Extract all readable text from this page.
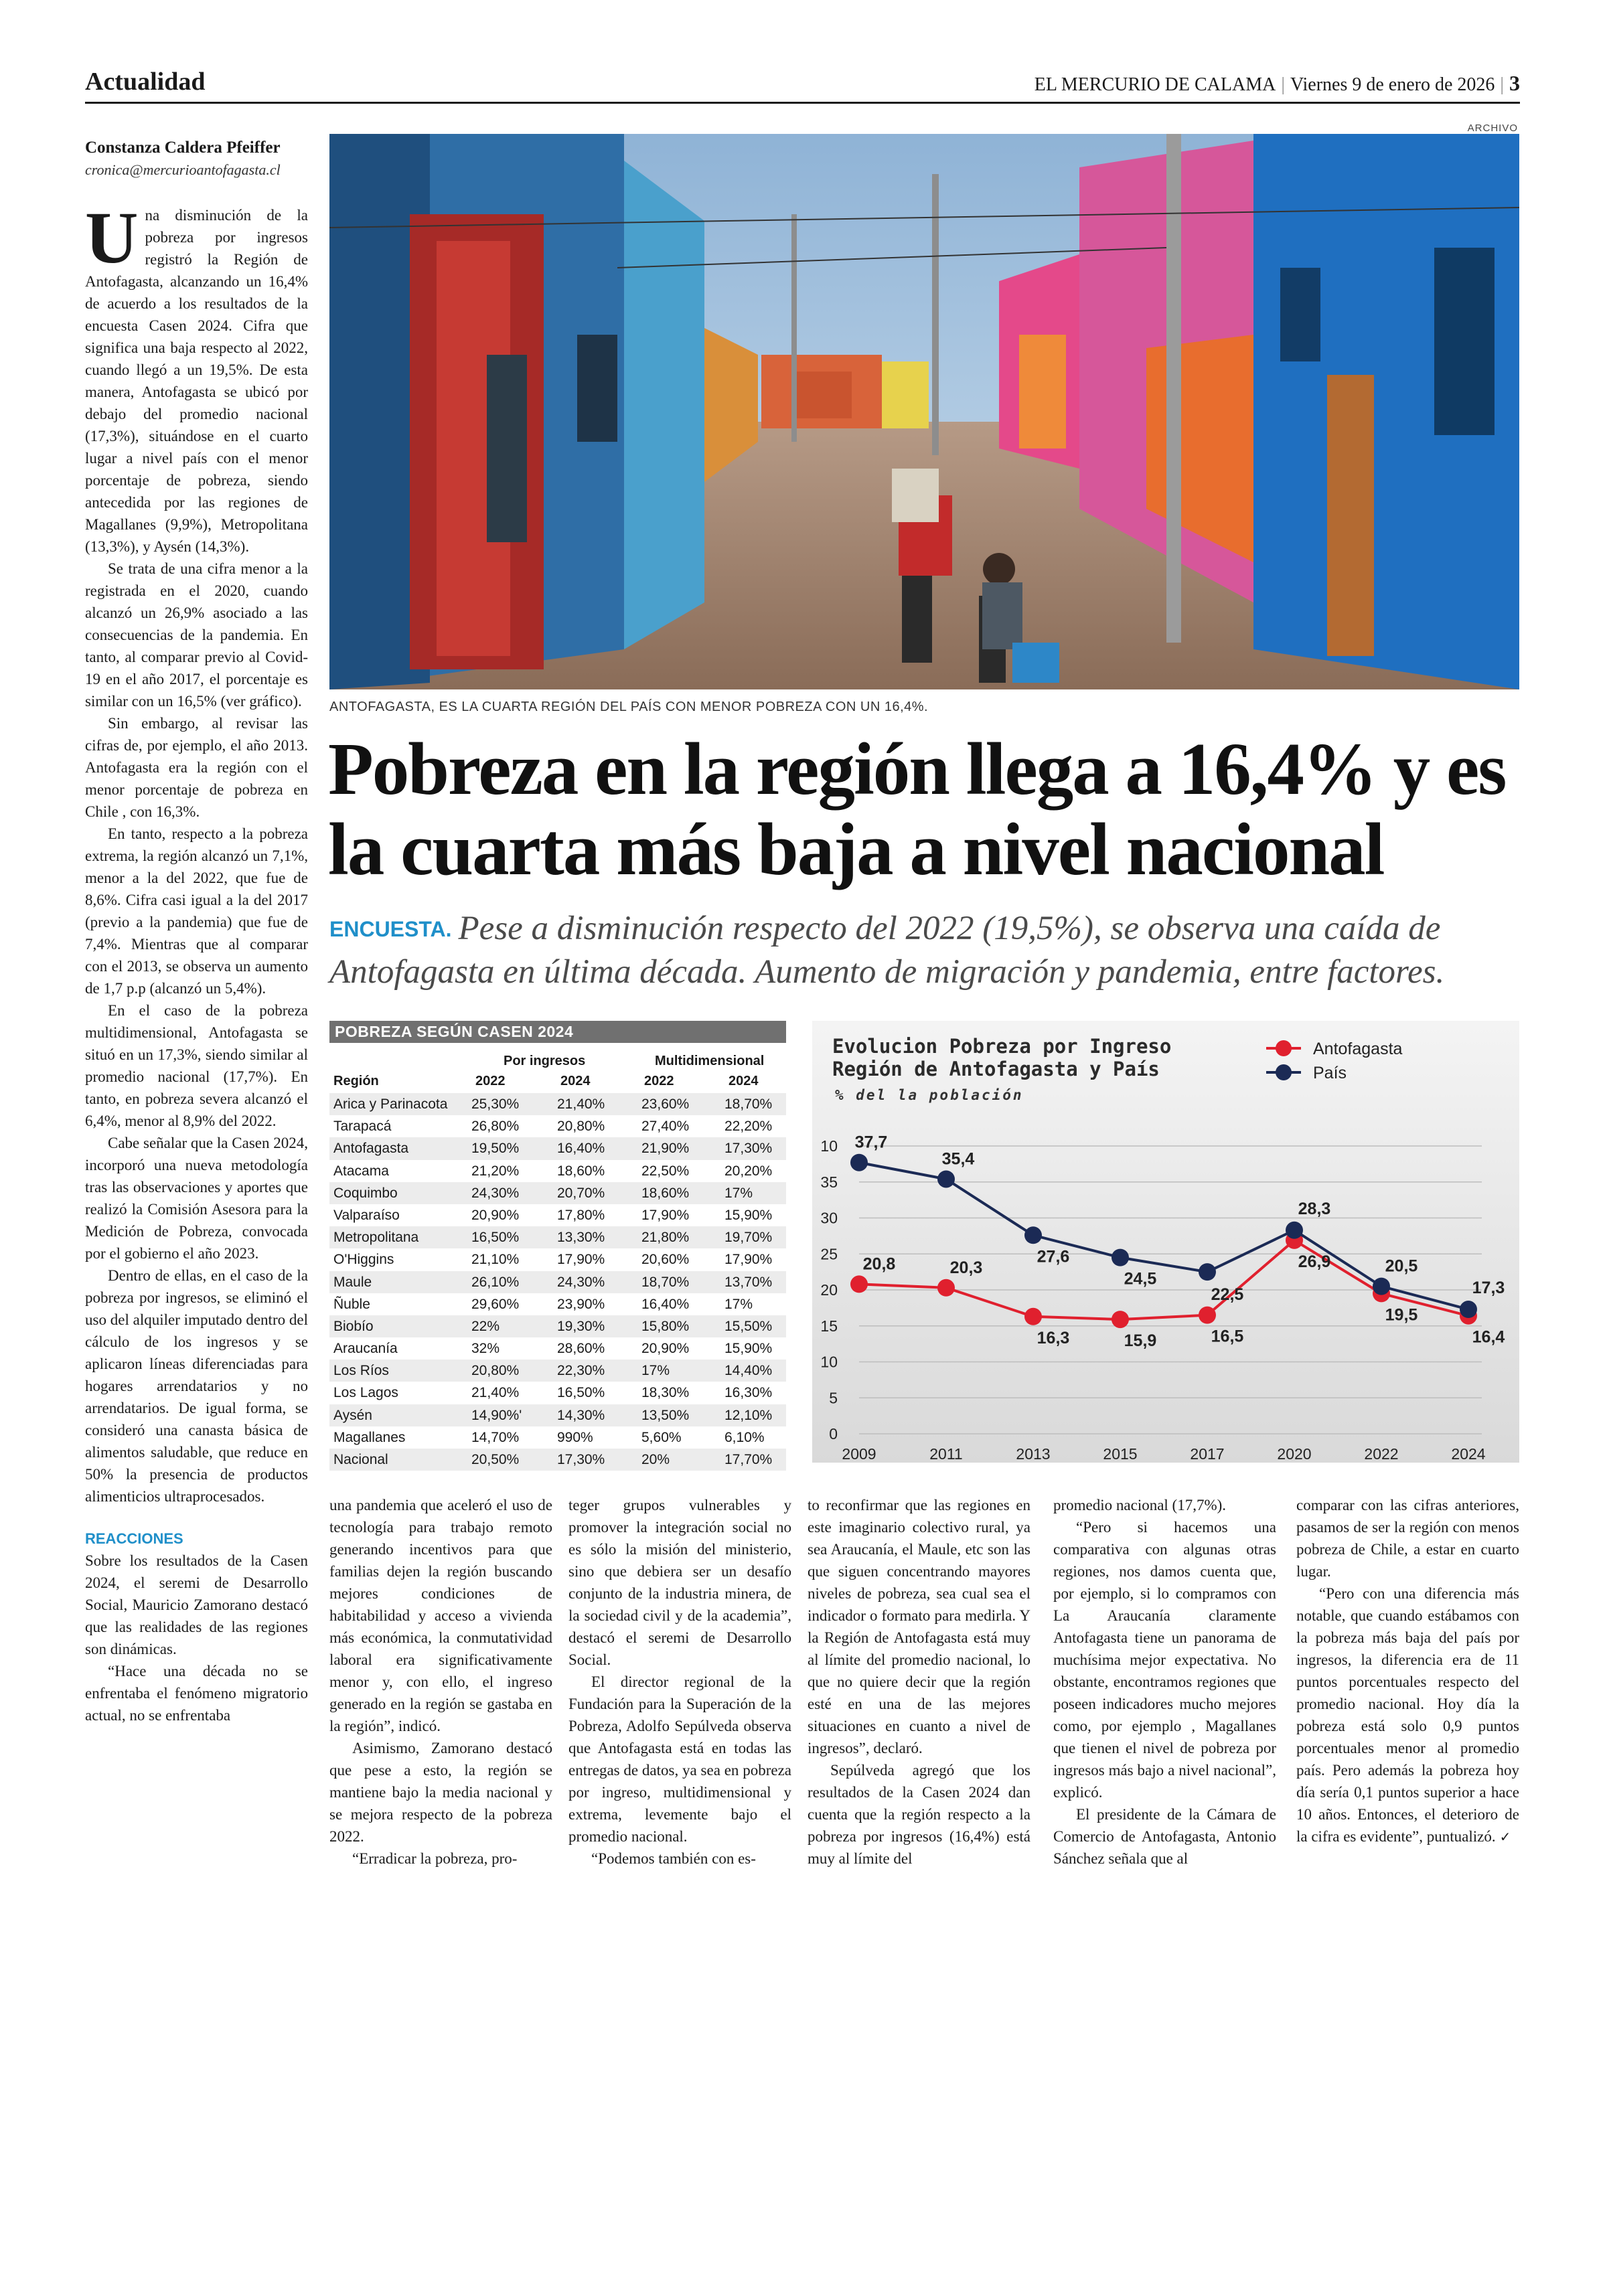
Actualidad	EL MERCURIO DE CALAMA | Viernes 9 de enero de 2026 | 3
ARCHIVO
ANTOFAGASTA, ES LA CUARTA REGIÓN DEL PAÍS CON MENOR POBREZA CON UN 16,4%.
Pobreza en la región llega a 16,4% y es la cuarta más baja a nivel nacional
ENCUESTA. Pese a disminución respecto del 2022 (19,5%), se observa una caída de Antofagasta en última década. Aumento de migración y pandemia, entre factores.
Constanza Caldera Pfeiffer
cronica@mercurioantofagasta.cl

Una disminución de la pobreza por ingresos registró la Región de Antofagasta, alcanzando un 16,4% de acuerdo a los resultados de la encuesta Casen 2024. Cifra que significa una baja respecto al 2022, cuando llegó a un 19,5%. De esta manera, Antofagasta se ubicó por debajo del promedio nacional (17,3%), situándose en el cuarto lugar a nivel país con el menor porcentaje de pobreza, siendo antecedida por las regiones de Magallanes (9,9%), Metropolitana (13,3%), y Aysén (14,3%).

Se trata de una cifra menor a la registrada en el 2020, cuando alcanzó un 26,9% asociado a las consecuencias de la pandemia. En tanto, al comparar previo al Covid-19 en el año 2017, el porcentaje es similar con un 16,5% (ver gráfico).

Sin embargo, al revisar las cifras de, por ejemplo, el año 2013. Antofagasta era la región con el menor porcentaje de pobreza en Chile , con 16,3%.

En tanto, respecto a la pobreza extrema, la región alcanzó un 7,1%, menor a la del 2022, que fue de 8,6%. Cifra casi igual a la del 2017 (previo a la pandemia) que fue de 7,4%. Mientras que al comparar con el 2013, se observa un aumento de 1,7 p.p (alcanzó un 5,4%).

En el caso de la pobreza multidimensional, Antofagasta se situó en un 17,3%, siendo similar al promedio nacional (17,7%). En tanto, en pobreza severa alcanzó el 6,4%, menor al 8,9% del 2022.

Cabe señalar que la Casen 2024, incorporó una nueva metodología tras las observaciones y aportes que realizó la Comisión Asesora para la Medición de Pobreza, convocada por el gobierno el año 2023.

Dentro de ellas, en el caso de la pobreza por ingresos, se eliminó el uso del alquiler imputado dentro del cálculo de los ingresos y se aplicaron líneas diferenciadas para hogares arrendatarios y no arrendatarios. De igual forma, se consideró una canasta básica de alimentos saludable, que reduce en 50% la presencia de productos alimenticios ultraprocesados.

REACCIONES

Sobre los resultados de la Casen 2024, el seremi de Desarrollo Social, Mauricio Zamorano destacó que las realidades de las regiones son dinámicas.

“Hace una década no se enfrentaba el fenómeno migratorio actual, no se enfrentaba

una pandemia que aceleró el uso de tecnología para trabajo remoto generando incentivos para que familias dejen la región buscando mejores condiciones de habitabilidad y acceso a vivienda más económica, la conmutatividad laboral era significativamente menor y, con ello, el ingreso generado en la región se gastaba en la región”, indicó.

Asimismo, Zamorano destacó que pese a esto, la región se mantiene bajo la media nacional y se mejora respecto de la pobreza 2022.

“Erradicar la pobreza, pro-

teger grupos vulnerables y promover la integración social no es sólo la misión del ministerio, sino que debiera ser un desafío conjunto de la industria minera, de la sociedad civil y de la academia”, destacó el seremi de Desarrollo Social.

El director regional de la Fundación para la Superación de la Pobreza, Adolfo Sepúlveda observa que Antofagasta está en todas las entregas de datos, ya sea en pobreza por ingreso, multidimensional y extrema, levemente bajo el promedio nacional.

“Podemos también con es-

to reconfirmar que las regiones en este imaginario colectivo rural, ya sea Araucanía, el Maule, etc son las que siguen concentrando mayores niveles de pobreza, sea cual sea el indicador o formato para medirla. Y la Región de Antofagasta está muy al límite del promedio nacional, lo que no quiere decir que la región esté en una de las mejores situaciones en cuanto a nivel de ingresos”, declaró.

Sepúlveda agregó que los resultados de la Casen 2024 dan cuenta que la región respecto a la pobreza por ingresos (16,4%) está muy al límite del

promedio nacional (17,7%).

“Pero si hacemos una comparativa con algunas otras regiones, nos damos cuenta que, por ejemplo, si lo compramos con La Araucanía claramente Antofagasta tiene un panorama de muchísima mejor expectativa. No obstante, encontramos regiones que poseen indicadores mucho mejores como, por ejemplo , Magallanes que tienen el nivel de pobreza por ingresos más bajo a nivel nacional”, explicó.

El presidente de la Cámara de Comercio de Antofagasta, Antonio Sánchez señala que al

comparar con las cifras anteriores, pasamos de ser la región con menos pobreza de Chile, a estar en cuarto lugar.

“Pero con una diferencia más notable, que cuando estábamos con la pobreza más baja del país por ingresos, la diferencia era de 11 puntos porcentuales respecto del promedio nacional. Hoy día la pobreza está solo 0,9 puntos porcentuales menor al promedio país. Pero además la pobreza hoy día sería 0,1 puntos superior a hace 10 años. Entonces, el deterioro de la cifra es evidente”, puntualizó. ✓

POBREZA SEGÚN CASEN 2024
Por ingresos	Multidimensional
Región	2022	2024	2022	2024
Arica y Parinacota 25,30%	21,40%	23,60%	18,70%
Tarapacá	26,80%	20,80%	27,40%	22,20%
Antofagasta	19,50%	16,40%	21,90%	17,30%
Atacama	21,20%	18,60%	22,50%	20,20%
Coquimbo	24,30%	20,70%	18,60%	17%
Valparaíso	20,90%	17,80%	17,90%	15,90%
Metropolitana	16,50%	13,30%	21,80%	19,70%
O'Higgins	21,10%	17,90%	20,60%	17,90%
Maule	26,10%	24,30%	18,70%	13,70%
Ñuble	29,60%	23,90%	16,40%	17%
Biobío	22%	19,30%	15,80%	15,50%
Araucanía	32%	28,60%	20,90%	15,90%
Los Ríos	20,80%	22,30%	17%	14,40%
Los Lagos	21,40%	16,50%	18,30%	16,30%
Aysén	14,90%'	14,30%	13,50%	12,10%
Magallanes	14,70%	990%	5,60%	6,10%
Nacional	20,50%	17,30%	20%	17,70%
Evolucion Pobreza por Ingreso
Región de Antofagasta y País
% del la población
Antofagasta
País
10
35
30
25
20
15
10
5
0
2009	2011	2013	2015	2017	2020	2022	2024
20,8	20,3
16,3	15,9	16,5
26,9
19,5
16,4
37,7
35,4
27,6
24,5
22,5
28,3
20,5
17,3
